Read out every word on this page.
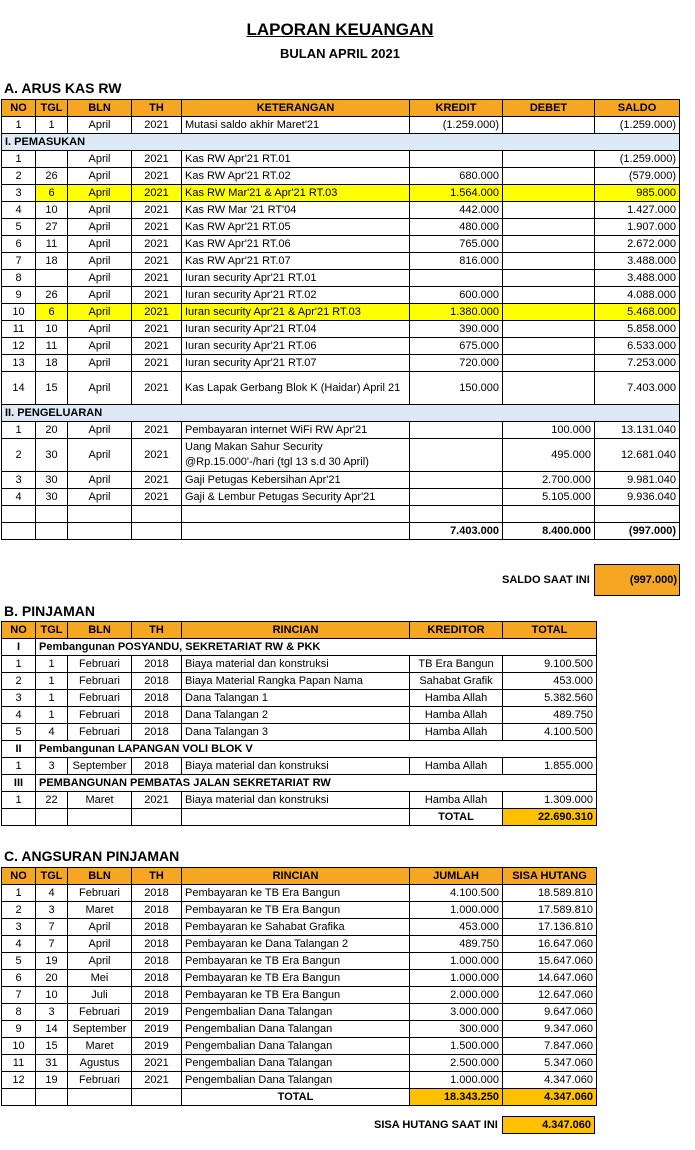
LAPORAN KEUANGAN
BULAN APRIL 2021
A. ARUS KAS RW
NO	TGL	BLN	TH	KETERANGAN	KREDIT	DEBET	SALDO
1	1	April	2021	Mutasi saldo akhir Maret'21	(1.259.000)		(1.259.000)
I. PEMASUKAN							
1		April	2021	Kas RW Apr'21 RT.01			(1.259.000)
2	26	April	2021	Kas RW Apr'21 RT.02	680.000		(579.000)
3	6	April	2021	Kas RW Mar'21 & Apr'21 RT.03	1.564.000		985.000
4	10	April	2021	Kas RW Mar '21 RT'04	442.000		1.427.000
5	27	April	2021	Kas RW Apr'21 RT.05	480.000		1.907.000
6	11	April	2021	Kas RW Apr'21 RT.06	765.000		2.672.000
7	18	April	2021	Kas RW Apr'21 RT.07	816.000		3.488.000
8		April	2021	Iuran security Apr'21 RT.01			3.488.000
9	26	April	2021	Iuran security Apr'21 RT.02	600.000		4.088.000
10	6	April	2021	Iuran security Apr'21 & Apr'21 RT.03	1.380.000		5.468.000
11	10	April	2021	Iuran security Apr'21 RT.04	390.000		5.858.000
12	11	April	2021	Iuran security Apr'21 RT.06	675.000		6.533.000
13	18	April	2021	Iuran security Apr'21 RT.07	720.000		7.253.000
14	15	April	2021	Kas Lapak Gerbang Blok K (Haidar) April 21	150.000		7.403.000
II. PENGELUARAN							
1	20	April	2021	Pembayaran internet WiFi RW Apr'21		100.000	13.131.040
2	30	April	2021	Uang Makan Sahur Security @Rp.15.000'-/hari (tgl 13 s.d 30 April)		495.000	12.681.040
3	30	April	2021	Gaji Petugas Kebersihan Apr'21		2.700.000	9.981.040
4	30	April	2021	Gaji & Lembur Petugas Security Apr'21		5.105.000	9.936.040

					7.403.000	8.400.000	(997.000)
SALDO SAAT INI	(997.000)
B. PINJAMAN
NO	TGL	BLN	TH	RINCIAN	KREDITOR	TOTAL
I	Pembangunan POSYANDU, SEKRETARIAT RW & PKK					
1	1	Februari	2018	Biaya material dan konstruksi	TB Era Bangun	9.100.500
2	1	Februari	2018	Biaya Material Rangka Papan Nama	Sahabat Grafik	453.000
3	1	Februari	2018	Dana Talangan 1	Hamba Allah	5.382.560
4	1	Februari	2018	Dana Talangan 2	Hamba Allah	489.750
5	4	Februari	2018	Dana Talangan 3	Hamba Allah	4.100.500
II	Pembangunan LAPANGAN VOLI BLOK V					
1	3	September	2018	Biaya material dan konstruksi	Hamba Allah	1.855.000
III	PEMBANGUNAN PEMBATAS JALAN SEKRETARIAT RW					
1	22	Maret	2021	Biaya material dan konstruksi	Hamba Allah	1.309.000
					TOTAL	22.690.310
C. ANGSURAN PINJAMAN
NO	TGL	BLN	TH	RINCIAN	JUMLAH	SISA HUTANG
1	4	Februari	2018	Pembayaran ke TB Era Bangun	4.100.500	18.589.810
2	3	Maret	2018	Pembayaran ke TB Era Bangun	1.000.000	17.589.810
3	7	April	2018	Pembayaran ke Sahabat Grafika	453.000	17.136.810
4	7	April	2018	Pembayaran ke Dana Talangan 2	489.750	16.647.060
5	19	April	2018	Pembayaran ke TB Era Bangun	1.000.000	15.647.060
6	20	Mei	2018	Pembayaran ke TB Era Bangun	1.000.000	14.647.060
7	10	Juli	2018	Pembayaran ke TB Era Bangun	2.000.000	12.647.060
8	3	Februari	2019	Pengembalian Dana Talangan	3.000.000	9.647.060
9	14	September	2019	Pengembalian Dana Talangan	300.000	9.347.060
10	15	Maret	2019	Pengembalian Dana Talangan	1.500.000	7.847.060
11	31	Agustus	2021	Pengembalian Dana Talangan	2.500.000	5.347.060
12	19	Februari	2021	Pengembalian Dana Talangan	1.000.000	4.347.060
				TOTAL	18.343.250	4.347.060
SISA HUTANG SAAT INI	4.347.060
